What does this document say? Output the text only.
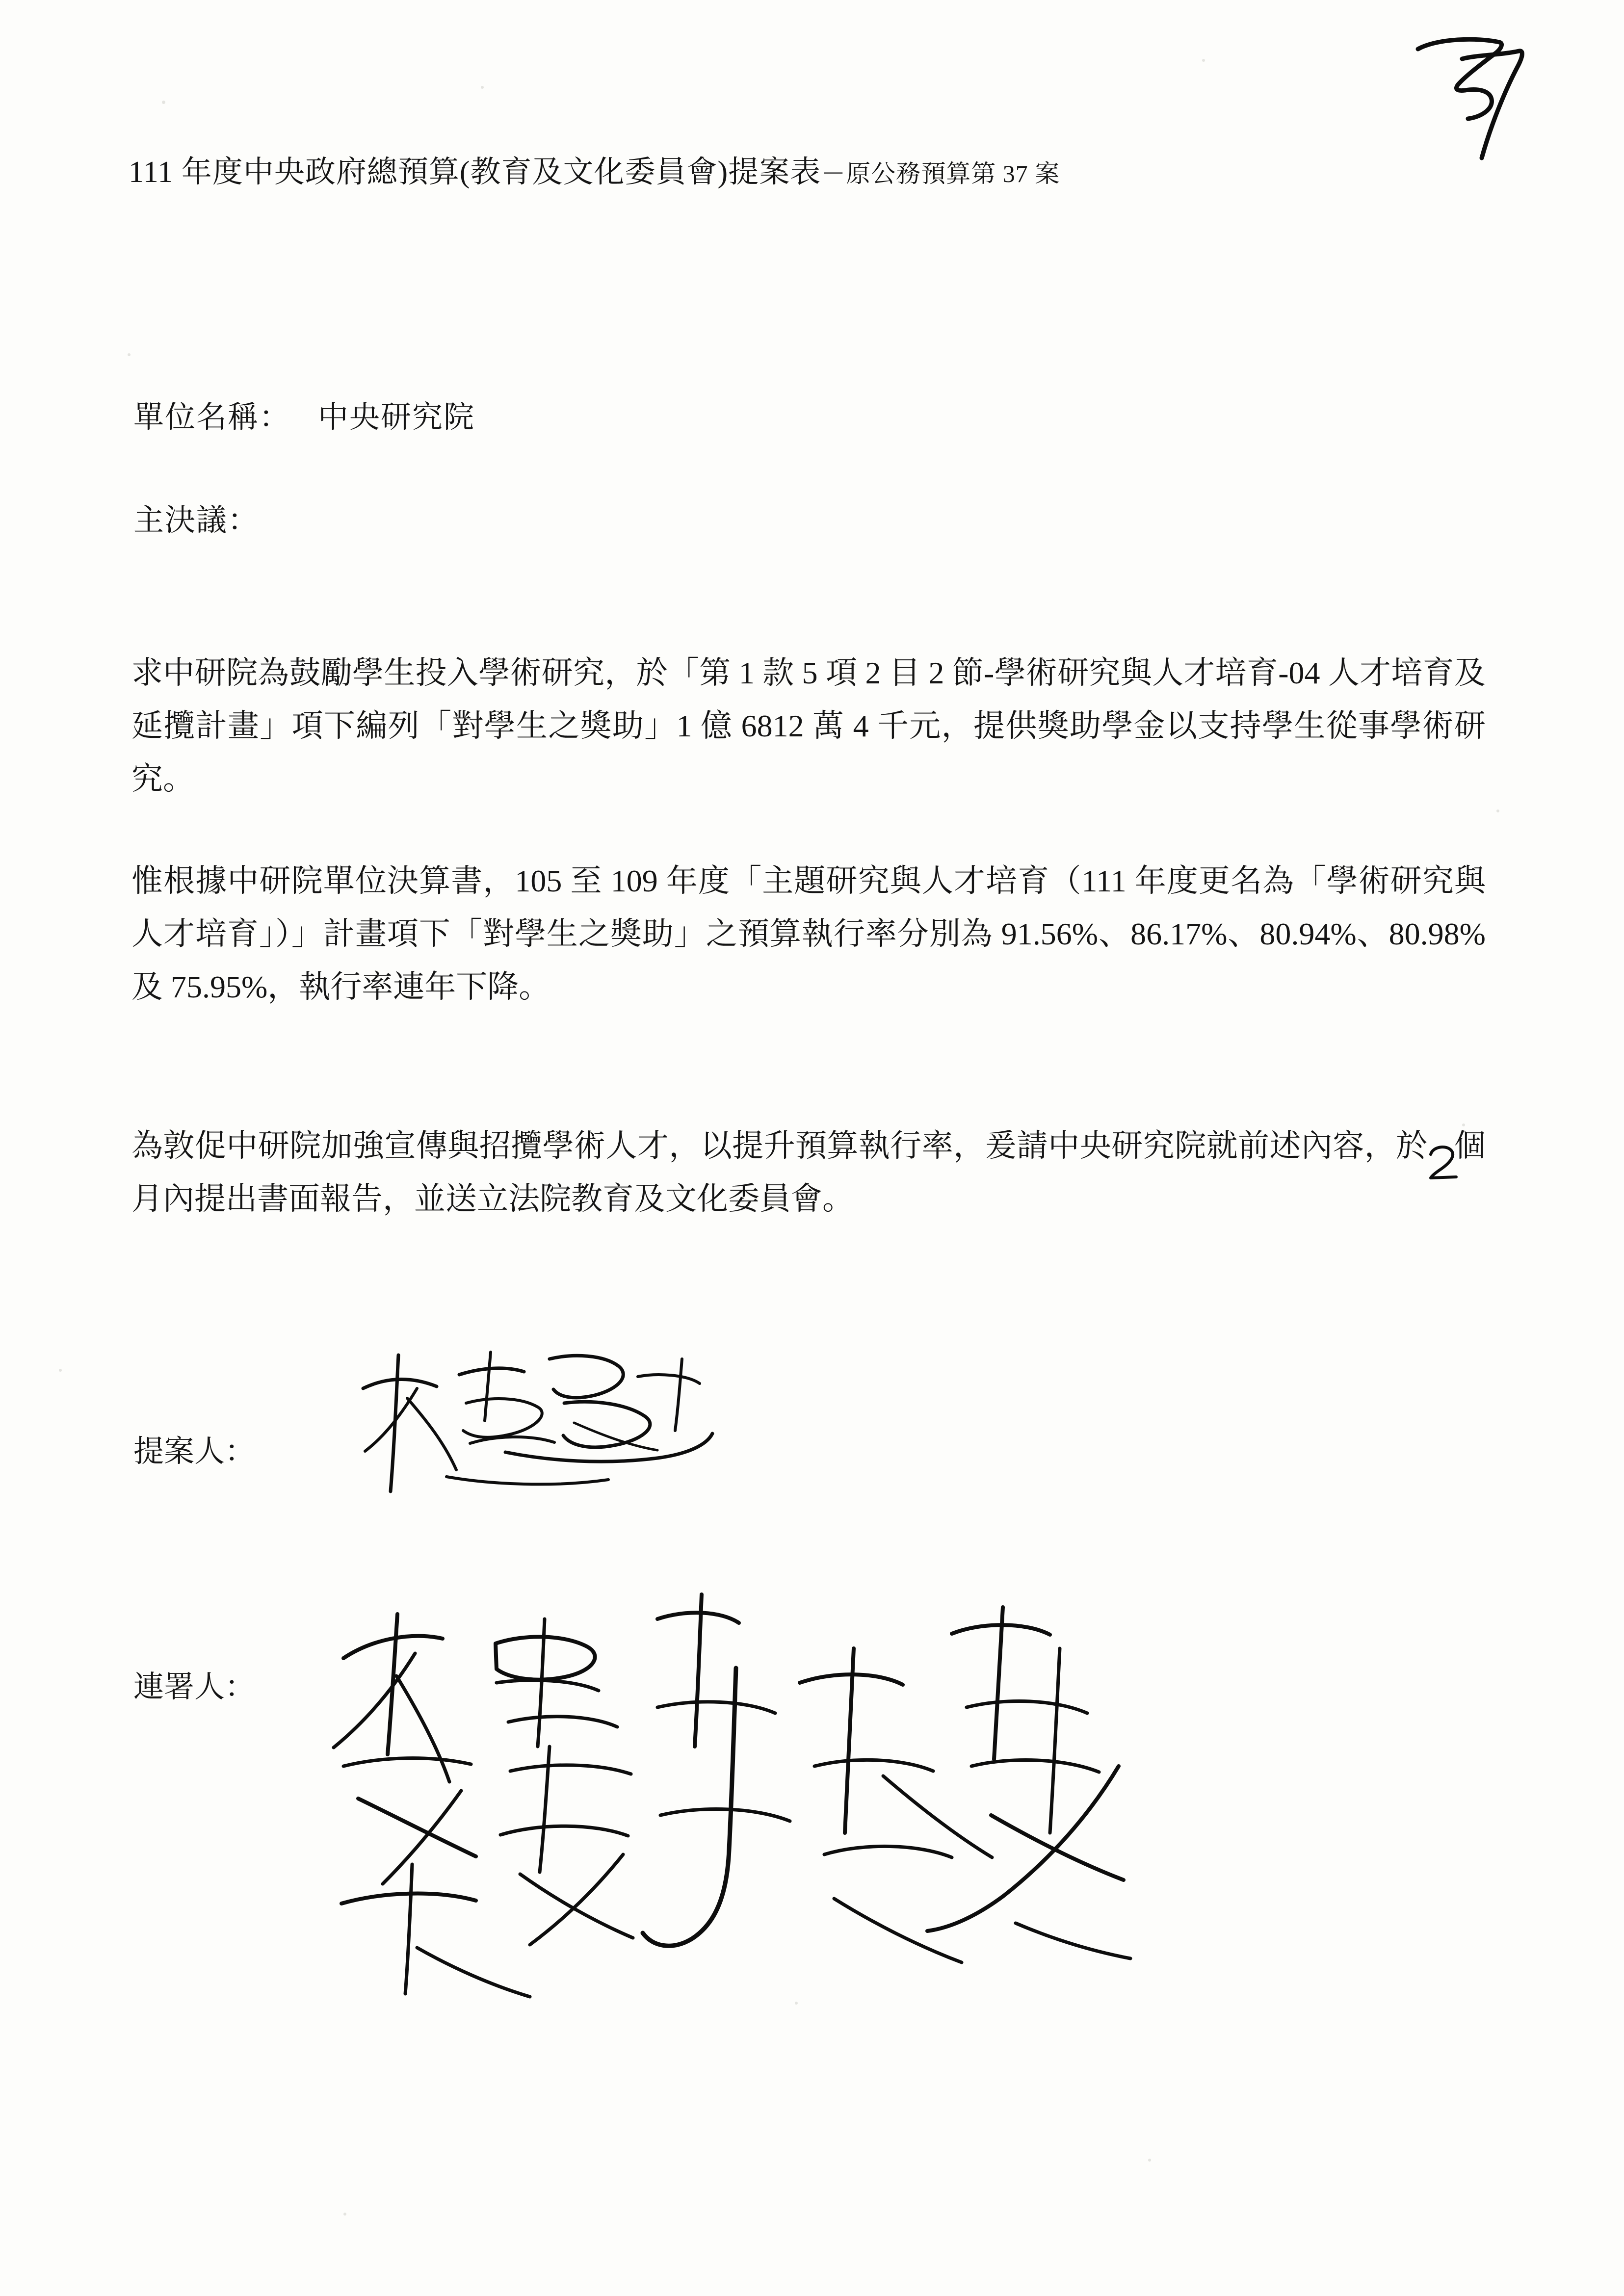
111 年度中央政府總預算(教育及文化委員會)提案表－原公務預算第 37 案
單位名稱： 中央研究院
主決議：

求中研院為鼓勵學生投入學術研究，於「第 1 款 5 項 2 目 2 節-學術研究與人才培育-04 人才培育及延攬計畫」項下編列「對學生之獎助」1 億 6812 萬 4 千元，提供獎助學金以支持學生從事學術研究。

惟根據中研院單位決算書，105 至 109 年度「主題研究與人才培育（111 年度更名為「學術研究與人才培育」）」計畫項下「對學生之獎助」之預算執行率分別為 91.56%、86.17%、80.94%、80.98%及 75.95%，執行率連年下降。

為敦促中研院加強宣傳與招攬學術人才，以提升預算執行率，爰請中央研究院就前述內容，於 個月內提出書面報告，並送立法院教育及文化委員會。

提案人：
連署人：
